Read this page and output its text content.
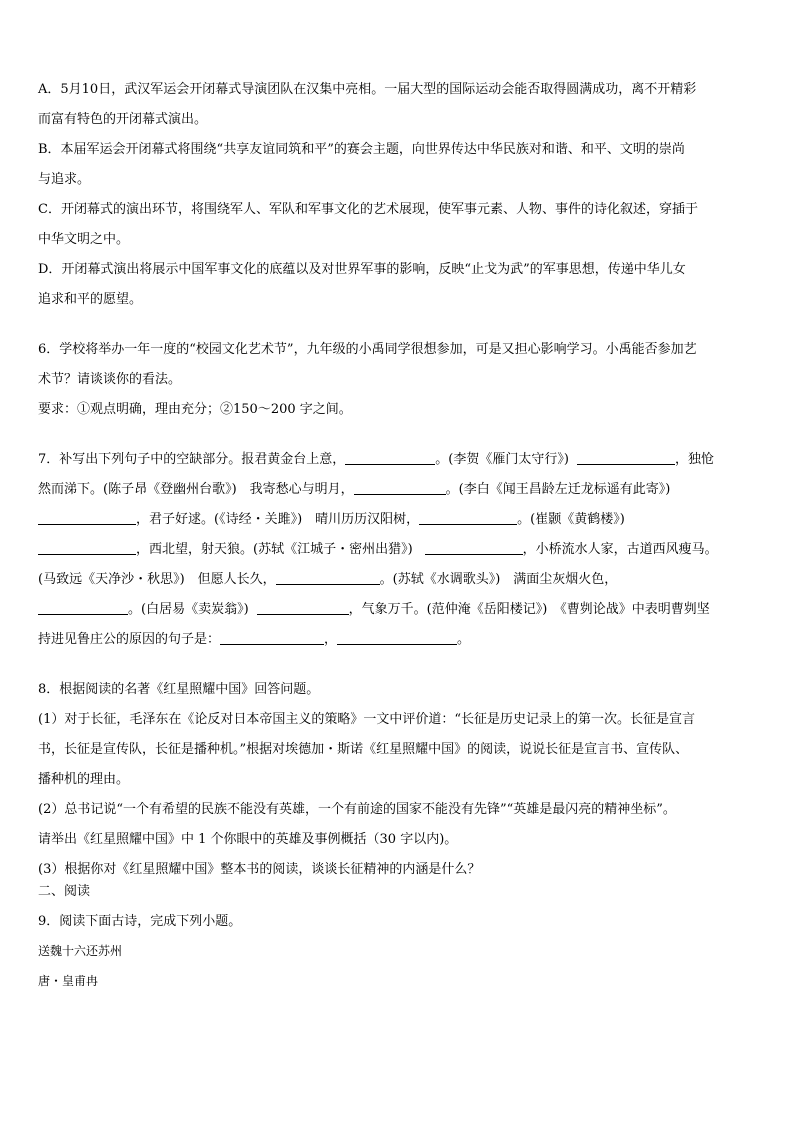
A．5月10日，武汉军运会开闭幕式导演团队在汉集中亮相。一届大型的国际运动会能否取得圆满成功，离不开精彩
而富有特色的开闭幕式演出。
B．本届军运会开闭幕式将围绕“共享友谊同筑和平”的赛会主题，向世界传达中华民族对和谐、和平、文明的崇尚
与追求。
C．开闭幕式的演出环节，将围绕军人、军队和军事文化的艺术展现，使军事元素、人物、事件的诗化叙述，穿插于
中华文明之中。
D．开闭幕式演出将展示中国军事文化的底蕴以及对世界军事的影响，反映“止戈为武”的军事思想，传递中华儿女
追求和平的愿望。
6．学校将举办一年一度的“校园文化艺术节”，九年级的小禹同学很想参加，可是又担心影响学习。小禹能否参加艺
术节？请谈谈你的看法。
要求：①观点明确，理由充分；②150～200 字之间。
7．补写出下列句子中的空缺部分。报君黄金台上意，	。(李贺《雁门太守行》)	，独怆
然而涕下。(陈子昂《登幽州台歌》)　我寄愁心与明月，	。(李白《闻王昌龄左迁龙标遥有此寄》)
，君子好逑。(《诗经・关雎》)　晴川历历汉阳树，	。(崔颢《黄鹤楼》)
，西北望，射天狼。(苏轼《江城子・密州出猎》)	，小桥流水人家，古道西风瘦马。
(马致远《天净沙・秋思》)　但愿人长久，	。(苏轼《水调歌头》)　满面尘灰烟火色，
。(白居易《卖炭翁》)	，气象万千。(范仲淹《岳阳楼记》)　《曹刿论战》中表明曹刿坚
持进见鲁庄公的原因的句子是：	，	。
8．根据阅读的名著《红星照耀中国》回答问题。
(1）对于长征，毛泽东在《论反对日本帝国主义的策略》一文中评价道：“长征是历史记录上的第一次。长征是宣言
书，长征是宣传队，长征是播种机。”根据对埃德加・斯诺《红星照耀中国》的阅读，说说长征是宣言书、宣传队、
播种机的理由。
(2）总书记说“一个有希望的民族不能没有英雄，一个有前途的国家不能没有先锋”“英雄是最闪亮的精神坐标”。
请举出《红星照耀中国》中 1 个你眼中的英雄及事例概括（30 字以内)。
(3）根据你对《红星照耀中国》整本书的阅读，谈谈长征精神的内涵是什么？
二、阅读
9．阅读下面古诗，完成下列小题。
送魏十六还苏州
唐・皇甫冉
